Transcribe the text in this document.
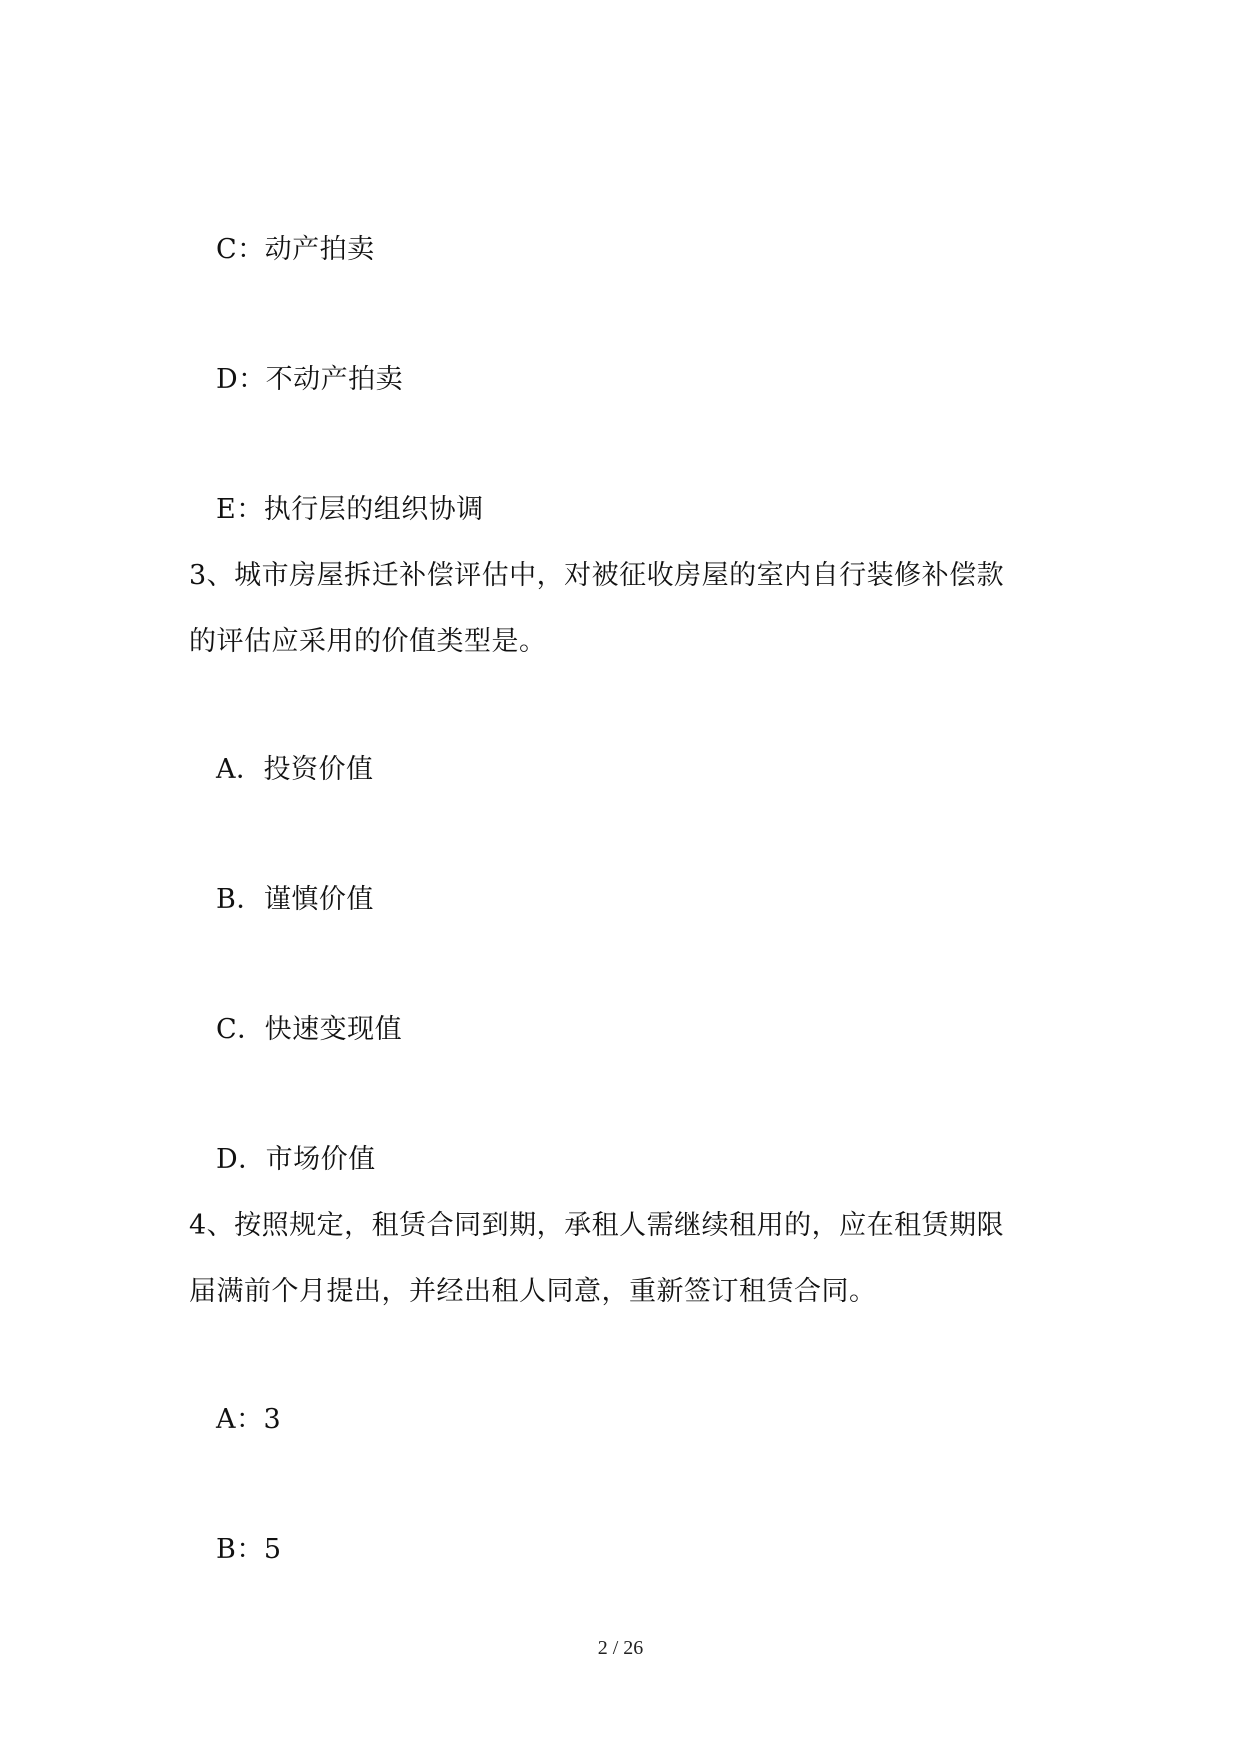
C：动产拍卖
D：不动产拍卖
E：执行层的组织协调
3、城市房屋拆迁补偿评估中，对被征收房屋的室内自行装修补偿款
的评估应采用的价值类型是。
A．投资价值
B．谨慎价值
C．快速变现值
D．市场价值
4、按照规定，租赁合同到期，承租人需继续租用的，应在租赁期限
届满前个月提出，并经出租人同意，重新签订租赁合同。
A：3
B：5
2 / 26
